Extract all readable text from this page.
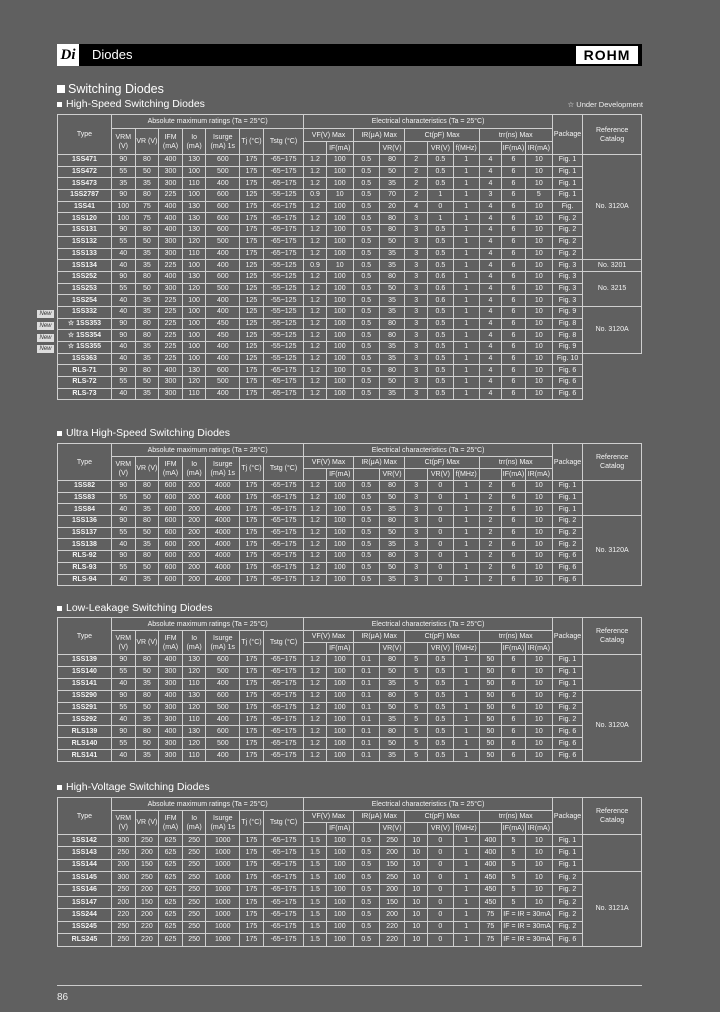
Di Diodes	ROHM
Switching Diodes
☆ Under Development
High-Speed Switching Diodes
Type	Absolute maximum ratings (Ta = 25°C)							Electrical characteristics (Ta = 25°C)										Package	Reference Catalog
	VRM (V)	VR (V)	IFM (mA)	Io (mA)	Isurge (mA) 1s	Tj (°C)	Tstg (°C)	VF(V) Max		IR(μA) Max		Ct(pF) Max			trr(ns) Max				
									IF(mA)		VR(V)		VR(V)	f(MHz)		IF(mA)	IR(mA)		
1SS471	90	80	400	130	600	175	-65~175	1.2	100	0.5	80	2	0.5	1	4	6	10	Fig. 1	No. 3120A
1SS472	55	50	300	100	500	175	-65~175	1.2	100	0.5	50	2	0.5	1	4	6	10	Fig. 1	
1SS473	35	35	300	110	400	175	-65~175	1.2	100	0.5	35	2	0.5	1	4	6	10	Fig. 1	
1SS2787	90	80	225	100	600	125	-55~125	0.9	10	0.5	70	2	1	1	3	6	5	Fig. 1	
1SS41	100	75	400	130	600	175	-65~175	1.2	100	0.5	20	4	0	1	4	6	10	Fig.	
1SS120	100	75	400	130	600	175	-65~175	1.2	100	0.5	80	3	1	1	4	6	10	Fig. 2	
1SS131	90	80	400	130	600	175	-65~175	1.2	100	0.5	80	3	0.5	1	4	6	10	Fig. 2	
1SS132	55	50	300	120	500	175	-65~175	1.2	100	0.5	50	3	0.5	1	4	6	10	Fig. 2	
1SS133	40	35	300	110	400	175	-65~175	1.2	100	0.5	35	3	0.5	1	4	6	10	Fig. 2	
1SS134	40	35	225	100	400	125	-55~125	0.9	10	0.5	35	3	0.5	1	4	6	10	Fig. 3	No. 3201
1SS252	90	80	400	130	600	125	-55~125	1.2	100	0.5	80	3	0.6	1	4	6	10	Fig. 3	No. 3215
1SS253	55	50	300	120	500	125	-55~125	1.2	100	0.5	50	3	0.6	1	4	6	10	Fig. 3	
1SS254	40	35	225	100	400	125	-55~125	1.2	100	0.5	35	3	0.6	1	4	6	10	Fig. 3	
1SS332	40	35	225	100	400	125	-55~125	1.2	100	0.5	35	3	0.5	1	4	6	10	Fig. 9	No. 3120A
☆ 1SS353	90	80	225	100	450	125	-55~125	1.2	100	0.5	80	3	0.5	1	4	6	10	Fig. 8	
☆ 1SS354	90	80	225	100	450	125	-55~125	1.2	100	0.5	80	3	0.5	1	4	6	10	Fig. 8	
☆ 1SS355	40	35	225	100	400	125	-55~125	1.2	100	0.5	35	3	0.5	1	4	6	10	Fig. 9	
1SS363	40	35	225	100	400	125	-55~125	1.2	100	0.5	35	3	0.5	1	4	6	10	Fig. 10	
RLS-71	90	80	400	130	600	175	-65~175	1.2	100	0.5	80	3	0.5	1	4	6	10	Fig. 6	
RLS-72	55	50	300	120	500	175	-65~175	1.2	100	0.5	50	3	0.5	1	4	6	10	Fig. 6	
RLS-73	40	35	300	110	400	175	-65~175	1.2	100	0.5	35	3	0.5	1	4	6	10	Fig. 6	
New
New
New
New
Ultra High-Speed Switching Diodes
Type	Absolute maximum ratings (Ta = 25°C)							Electrical characteristics (Ta = 25°C)										Package	Reference Catalog
	VRM (V)	VR (V)	IFM (mA)	Io (mA)	Isurge (mA) 1s	Tj (°C)	Tstg (°C)	VF(V) Max		IR(μA) Max		Ct(pF) Max			trr(ns) Max				
									IF(mA)		VR(V)		VR(V)	f(MHz)		IF(mA)	IR(mA)		
1SS82	90	80	600	200	4000	175	-65~175	1.2	100	0.5	80	3	0	1	2	6	10	Fig. 1	
1SS83	55	50	600	200	4000	175	-65~175	1.2	100	0.5	50	3	0	1	2	6	10	Fig. 1	
1SS84	40	35	600	200	4000	175	-65~175	1.2	100	0.5	35	3	0	1	2	6	10	Fig. 1	
1SS136	90	80	600	200	4000	175	-65~175	1.2	100	0.5	80	3	0	1	2	6	10	Fig. 2	No. 3120A
1SS137	55	50	600	200	4000	175	-65~175	1.2	100	0.5	50	3	0	1	2	6	10	Fig. 2	
1SS138	40	35	600	200	4000	175	-65~175	1.2	100	0.5	35	3	0	1	2	6	10	Fig. 2	
RLS-92	90	80	600	200	4000	175	-65~175	1.2	100	0.5	80	3	0	1	2	6	10	Fig. 6	
RLS-93	55	50	600	200	4000	175	-65~175	1.2	100	0.5	50	3	0	1	2	6	10	Fig. 6	
RLS-94	40	35	600	200	4000	175	-65~175	1.2	100	0.5	35	3	0	1	2	6	10	Fig. 6	
Low-Leakage Switching Diodes
Type	Absolute maximum ratings (Ta = 25°C)							Electrical characteristics (Ta = 25°C)										Package	Reference Catalog
	VRM (V)	VR (V)	IFM (mA)	Io (mA)	Isurge (mA) 1s	Tj (°C)	Tstg (°C)	VF(V) Max		IR(μA) Max		Ct(pF) Max			trr(ns) Max				
									IF(mA)		VR(V)		VR(V)	f(MHz)		IF(mA)	IR(mA)		
1SS139	90	80	400	130	600	175	-65~175	1.2	100	0.1	80	5	0.5	1	50	6	10	Fig. 1	
1SS140	55	50	300	120	500	175	-65~175	1.2	100	0.1	50	5	0.5	1	50	6	10	Fig. 1	
1SS141	40	35	300	110	400	175	-65~175	1.2	100	0.1	35	5	0.5	1	50	6	10	Fig. 1	
1SS290	90	80	400	130	600	175	-65~175	1.2	100	0.1	80	5	0.5	1	50	6	10	Fig. 2	No. 3120A
1SS291	55	50	300	120	500	175	-65~175	1.2	100	0.1	50	5	0.5	1	50	6	10	Fig. 2	
1SS292	40	35	300	110	400	175	-65~175	1.2	100	0.1	35	5	0.5	1	50	6	10	Fig. 2	
RLS139	90	80	400	130	600	175	-65~175	1.2	100	0.1	80	5	0.5	1	50	6	10	Fig. 6	
RLS140	55	50	300	120	500	175	-65~175	1.2	100	0.1	50	5	0.5	1	50	6	10	Fig. 6	
RLS141	40	35	300	110	400	175	-65~175	1.2	100	0.1	35	5	0.5	1	50	6	10	Fig. 6	
High-Voltage Switching Diodes
Type	Absolute maximum ratings (Ta = 25°C)							Electrical characteristics (Ta = 25°C)										Package	Reference Catalog
	VRM (V)	VR (V)	IFM (mA)	Io (mA)	Isurge (mA) 1s	Tj (°C)	Tstg (°C)	VF(V) Max		IR(μA) Max		Ct(pF) Max			trr(ns) Max				
									IF(mA)		VR(V)		VR(V)	f(MHz)		IF(mA)	IR(mA)		
1SS142	300	250	625	250	1000	175	-65~175	1.5	100	0.5	250	10	0	1	400	5	10	Fig. 1	
1SS143	250	200	625	250	1000	175	-65~175	1.5	100	0.5	200	10	0	1	400	5	10	Fig. 1	
1SS144	200	150	625	250	1000	175	-65~175	1.5	100	0.5	150	10	0	1	400	5	10	Fig. 1	
1SS145	300	250	625	250	1000	175	-65~175	1.5	100	0.5	250	10	0	1	450	5	10	Fig. 2	No. 3121A
1SS146	250	200	625	250	1000	175	-65~175	1.5	100	0.5	200	10	0	1	450	5	10	Fig. 2	
1SS147	200	150	625	250	1000	175	-65~175	1.5	100	0.5	150	10	0	1	450	5	10	Fig. 2	
1SS244	220	200	625	250	1000	175	-65~175	1.5	100	0.5	200	10	0	1	75	IF = IR = 30mA		Fig. 2	
1SS245	250	220	625	250	1000	175	-65~175	1.5	100	0.5	220	10	0	1	75	IF = IR = 30mA		Fig. 2	
RLS245	250	220	625	250	1000	175	-65~175	1.5	100	0.5	220	10	0	1	75	IF = IR = 30mA		Fig. 6	
86
